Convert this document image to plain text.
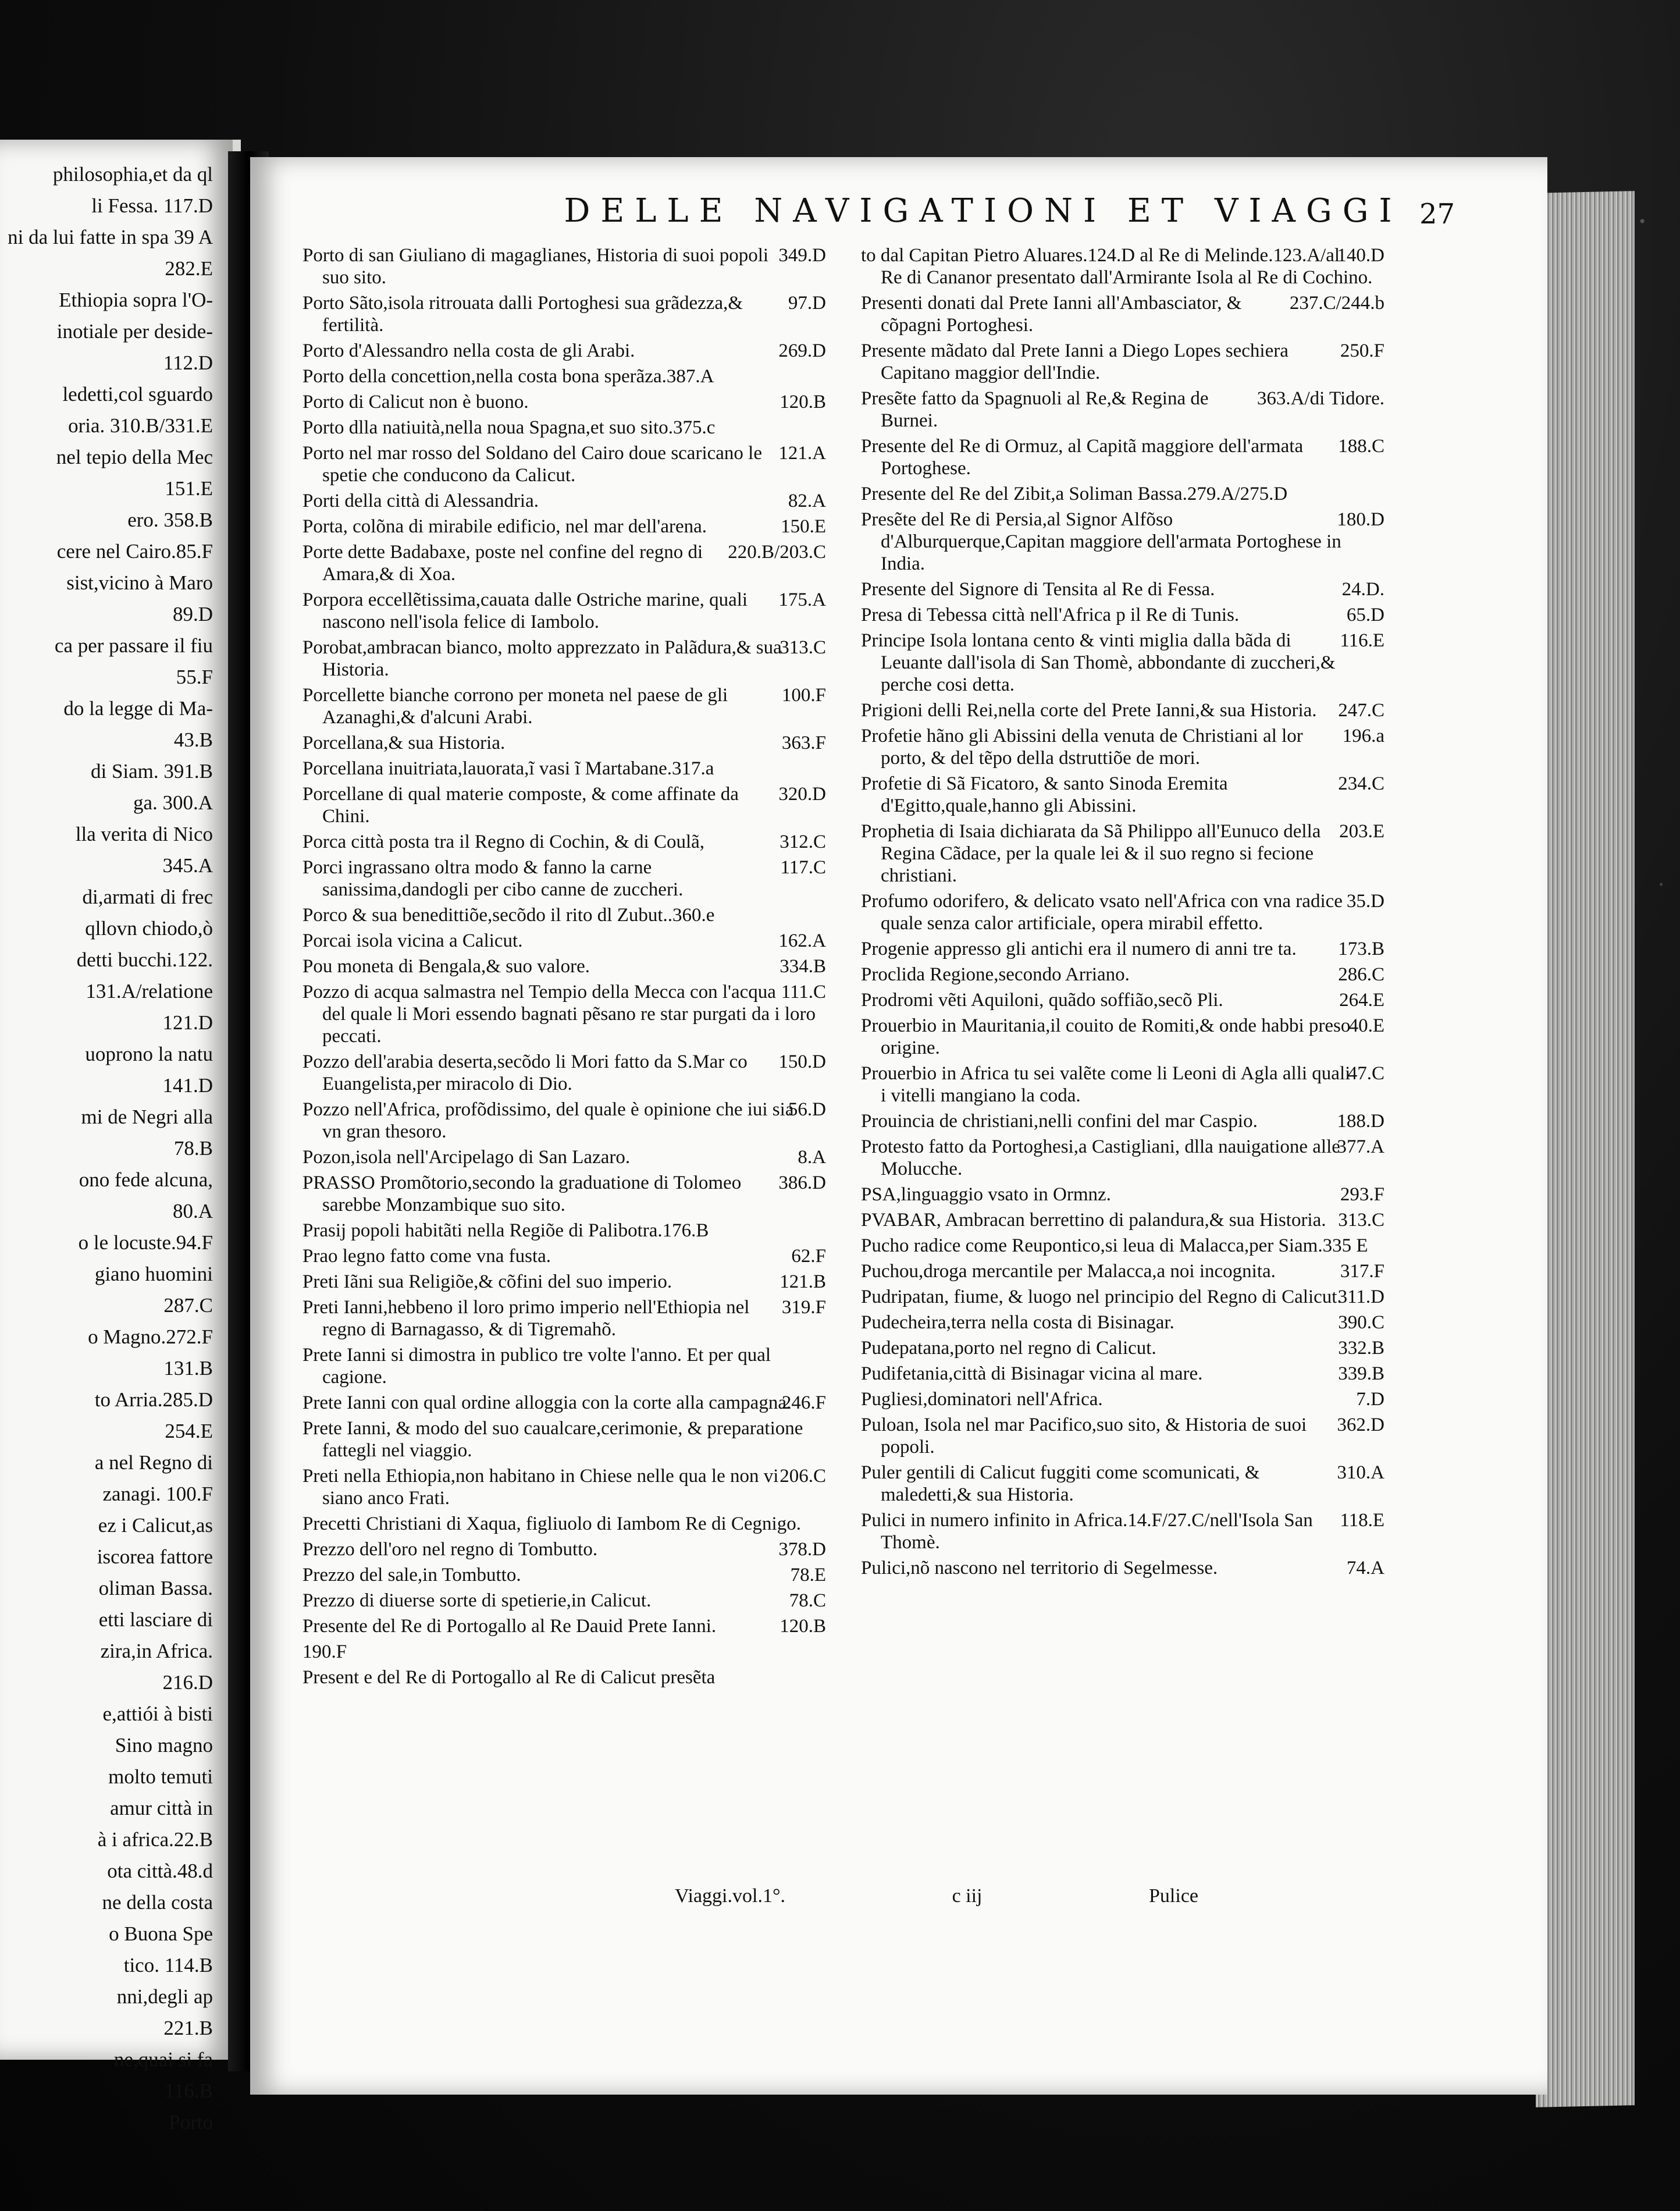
philosophia,et da ql
li Fessa. 117.D
ni da lui fatte in spa 39 A
282.E
Ethiopia sopra l'O-
inotiale per deside-
112.D
ledetti,col sguardo
oria. 310.B/331.E
nel tepio della Mec
151.E
ero. 358.B
cere nel Cairo.85.F
sist,vicino à Maro
89.D
ca per passare il fiu
55.F
do la legge di Ma-
43.B
di Siam. 391.B
ga. 300.A
lla verita di Nico
345.A
di,armati di frec
qllovn chiodo,ò
detti bucchi.122.
131.A/relatione
121.D
uoprono la natu
141.D
mi de Negri alla
78.B
ono fede alcuna,
80.A
o le locuste.94.F
giano huomini
287.C
o Magno.272.F
131.B
to Arria.285.D
254.E
a nel Regno di
zanagi. 100.F
ez i Calicut,as
iscorea fattore
oliman Bassa.
etti lasciare di
zira,in Africa.
216.D
e,attiói à bisti
Sino magno
molto temuti
amur città in
à i africa.22.B
ota città.48.d
ne della costa
o Buona Spe
tico. 114.B
nni,degli ap
221.B
ne,quai si fa
116.B
Porto
DELLE NAVIGATIONI ET VIAGGI 27
349.D
Porto di san Giuliano di magaglianes, Historia di suoi popoli suo sito.
97.D
Porto Sãto,isola ritrouata dalli Portoghesi sua grãdezza,& fertilità.
269.D
Porto d'Alessandro nella costa de gli Arabi.
Porto della concettion,nella costa bona sperãza.387.A
120.B
Porto di Calicut non è buono.
Porto dlla natiuità,nella noua Spagna,et suo sito.375.c
121.A
Porto nel mar rosso del Soldano del Cairo doue scaricano le spetie che conducono da Calicut.
82.A
Porti della città di Alessandria.
150.E
Porta, colõna di mirabile edificio, nel mar dell'arena.
220.B/203.C
Porte dette Badabaxe, poste nel confine del regno di Amara,& di Xoa.
175.A
Porpora eccellẽtissima,cauata dalle Ostriche marine, quali nascono nell'isola felice di Iambolo.
313.C
Porobat,ambracan bianco, molto apprezzato in Palãdura,& sua Historia.
100.F
Porcellette bianche corrono per moneta nel paese de gli Azanaghi,& d'alcuni Arabi.
363.F
Porcellana,& sua Historia.
Porcellana inuitriata,lauorata,ĩ vasi ĩ Martabane.317.a
320.D
Porcellane di qual materie composte, & come affinate da Chini.
312.C
Porca città posta tra il Regno di Cochin, & di Coulã,
117.C
Porci ingrassano oltra modo & fanno la carne sanissima,dandogli per cibo canne de zuccheri.
Porco & sua benedittiõe,secõdo il rito dl Zubut..360.e
162.A
Porcai isola vicina a Calicut.
334.B
Pou moneta di Bengala,& suo valore.
111.C
Pozzo di acqua salmastra nel Tempio della Mecca con l'acqua del quale li Mori essendo bagnati pẽsano re star purgati da i loro peccati.
150.D
Pozzo dell'arabia deserta,secõdo li Mori fatto da S.Mar co Euangelista,per miracolo di Dio.
56.D
Pozzo nell'Africa, profõdissimo, del quale è opinione che iui sia vn gran thesoro.
8.A
Pozon,isola nell'Arcipelago di San Lazaro.
386.D
PRASSO Promõtorio,secondo la graduatione di Tolomeo sarebbe Monzambique suo sito.
Prasij popoli habitãti nella Regiõe di Palibotra.176.B
62.F
Prao legno fatto come vna fusta.
121.B
Preti Iãni sua Religiõe,& cõfini del suo imperio.
319.F
Preti Ianni,hebbeno il loro primo imperio nell'Ethiopia nel regno di Barnagasso, & di Tigremahõ.
Prete Ianni si dimostra in publico tre volte l'anno. Et per qual cagione.
246.F
Prete Ianni con qual ordine alloggia con la corte alla campagna.
Prete Ianni, & modo del suo caualcare,cerimonie, & preparatione fattegli nel viaggio.
206.C
Preti nella Ethiopia,non habitano in Chiese nelle qua le non vi siano anco Frati.
Precetti Christiani di Xaqua, figliuolo di Iambom Re di Cegnigo.
378.D
Prezzo dell'oro nel regno di Tombutto.
78.E
Prezzo del sale,in Tombutto.
78.C
Prezzo di diuerse sorte di spetierie,in Calicut.
120.B
Presente del Re di Portogallo al Re Dauid Prete Ianni.
190.F
Present e del Re di Portogallo al Re di Calicut presẽta
140.D
to dal Capitan Pietro Aluares.124.D al Re di Melinde.123.A/al Re di Cananor presentato dall'Armirante Isola al Re di Cochino.
237.C/244.b
Presenti donati dal Prete Ianni all'Ambasciator, & cõpagni Portoghesi.
250.F
Presente mãdato dal Prete Ianni a Diego Lopes sechiera Capitano maggior dell'Indie.
363.A/di Tidore.
Presẽte fatto da Spagnuoli al Re,& Regina de Burnei.
188.C
Presente del Re di Ormuz, al Capitã maggiore dell'armata Portoghese.
Presente del Re del Zibit,a Soliman Bassa.279.A/275.D
180.D
Presẽte del Re di Persia,al Signor Alfõso d'Alburquerque,Capitan maggiore dell'armata Portoghese in India.
24.D.
Presente del Signore di Tensita al Re di Fessa.
65.D
Presa di Tebessa città nell'Africa p il Re di Tunis.
116.E
Principe Isola lontana cento & vinti miglia dalla bãda di Leuante dall'isola di San Thomè, abbondante di zuccheri,& perche cosi detta.
247.C
Prigioni delli Rei,nella corte del Prete Ianni,& sua Historia.
196.a
Profetie hãno gli Abissini della venuta de Christiani al lor porto, & del tẽpo della dstruttiõe de mori.
234.C
Profetie di Sã Ficatoro, & santo Sinoda Eremita d'Egitto,quale,hanno gli Abissini.
203.E
Prophetia di Isaia dichiarata da Sã Philippo all'Eunuco della Regina Cãdace, per la quale lei & il suo regno si fecione christiani.
35.D
Profumo odorifero, & delicato vsato nell'Africa con vna radice quale senza calor artificiale, opera mirabil effetto.
173.B
Progenie appresso gli antichi era il numero di anni tre ta.
286.C
Proclida Regione,secondo Arriano.
264.E
Prodromi vẽti Aquiloni, quãdo soffião,secõ Pli.
40.E
Prouerbio in Mauritania,il couito de Romiti,& onde habbi preso origine.
47.C
Prouerbio in Africa tu sei valẽte come li Leoni di Agla alli quali i vitelli mangiano la coda.
188.D
Prouincia de christiani,nelli confini del mar Caspio.
377.A
Protesto fatto da Portoghesi,a Castigliani, dlla nauigatione alle Molucche.
293.F
PSA,linguaggio vsato in Ormnz.
313.C
PVABAR, Ambracan berrettino di palandura,& sua Historia.
Pucho radice come Reupontico,si leua di Malacca,per Siam.335 E
317.F
Puchou,droga mercantile per Malacca,a noi incognita.
311.D
Pudripatan, fiume, & luogo nel principio del Regno di Calicut.
390.C
Pudecheira,terra nella costa di Bisinagar.
332.B
Pudepatana,porto nel regno di Calicut.
339.B
Pudifetania,città di Bisinagar vicina al mare.
7.D
Pugliesi,dominatori nell'Africa.
362.D
Puloan, Isola nel mar Pacifico,suo sito, & Historia de suoi popoli.
310.A
Puler gentili di Calicut fuggiti come scomunicati, & maledetti,& sua Historia.
118.E
Pulici in numero infinito in Africa.14.F/27.C/nell'Isola San Thomè.
74.A
Pulici,nõ nascono nel territorio di Segelmesse.
Viaggi.vol.1°.	c iij	Pulice
